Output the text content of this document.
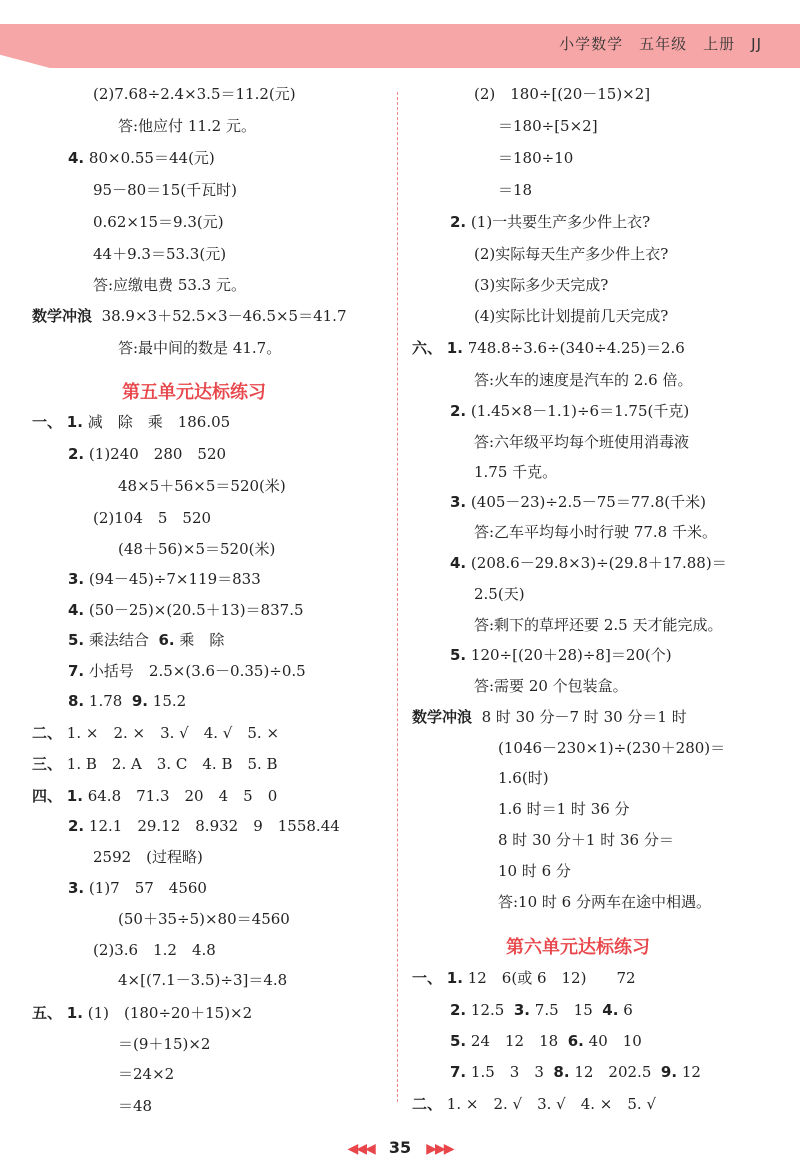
小学数学　五年级　上册　JJ
(2)7.68÷2.4×3.5＝11.2(元)
答:他应付 11.2 元。
4. 80×0.55＝44(元)
95－80＝15(千瓦时)
0.62×15＝9.3(元)
44＋9.3＝53.3(元)
答:应缴电费 53.3 元。
数学冲浪 38.9×3＋52.5×3－46.5×5＝41.7
答:最中间的数是 41.7。
第五单元达标练习
一、 1. 减　除　乘　186.05
2. (1)240　280　520
48×5＋56×5＝520(米)
(2)104　5　520
(48＋56)×5＝520(米)
3. (94－45)÷7×119＝833
4. (50－25)×(20.5＋13)＝837.5
5. 乘法结合 6. 乘　除
7. 小括号　2.5×(3.6－0.35)÷0.5
8. 1.78 9. 15.2
二、 1. ×　2. ×　3. √　4. √　5. ×
三、 1. B　2. A　3. C　4. B　5. B
四、 1. 64.8　71.3　20　4　5　0
2. 12.1　29.12　8.932　9　1558.44
2592　(过程略)
3. (1)7　57　4560
(50＋35÷5)×80＝4560
(2)3.6　1.2　4.8
4×[(7.1－3.5)÷3]＝4.8
五、 1. (1)　(180÷20＋15)×2
＝(9＋15)×2
＝24×2
＝48
(2)　180÷[(20－15)×2]
＝180÷[5×2]
＝180÷10
＝18
2. (1)一共要生产多少件上衣?
(2)实际每天生产多少件上衣?
(3)实际多少天完成?
(4)实际比计划提前几天完成?
六、 1. 748.8÷3.6÷(340÷4.25)＝2.6
答:火车的速度是汽车的 2.6 倍。
2. (1.45×8－1.1)÷6＝1.75(千克)
答:六年级平均每个班使用消毒液
1.75 千克。
3. (405－23)÷2.5－75＝77.8(千米)
答:乙车平均每小时行驶 77.8 千米。
4. (208.6－29.8×3)÷(29.8＋17.88)＝
2.5(天)
答:剩下的草坪还要 2.5 天才能完成。
5. 120÷[(20＋28)÷8]＝20(个)
答:需要 20 个包装盒。
数学冲浪 8 时 30 分－7 时 30 分＝1 时
(1046－230×1)÷(230＋280)＝
1.6(时)
1.6 时＝1 时 36 分
8 时 30 分＋1 时 36 分＝
10 时 6 分
答:10 时 6 分两车在途中相遇。
第六单元达标练习
一、 1. 12　6(或 6　12)　　72
2. 12.5 3. 7.5　15 4. 6
5. 24　12　18 6. 40　10
7. 1.5　3　3 8. 12　202.5 9. 12
二、 1. ×　2. √　3. √　4. ×　5. √
◀◀◀ 35 ▶▶▶
